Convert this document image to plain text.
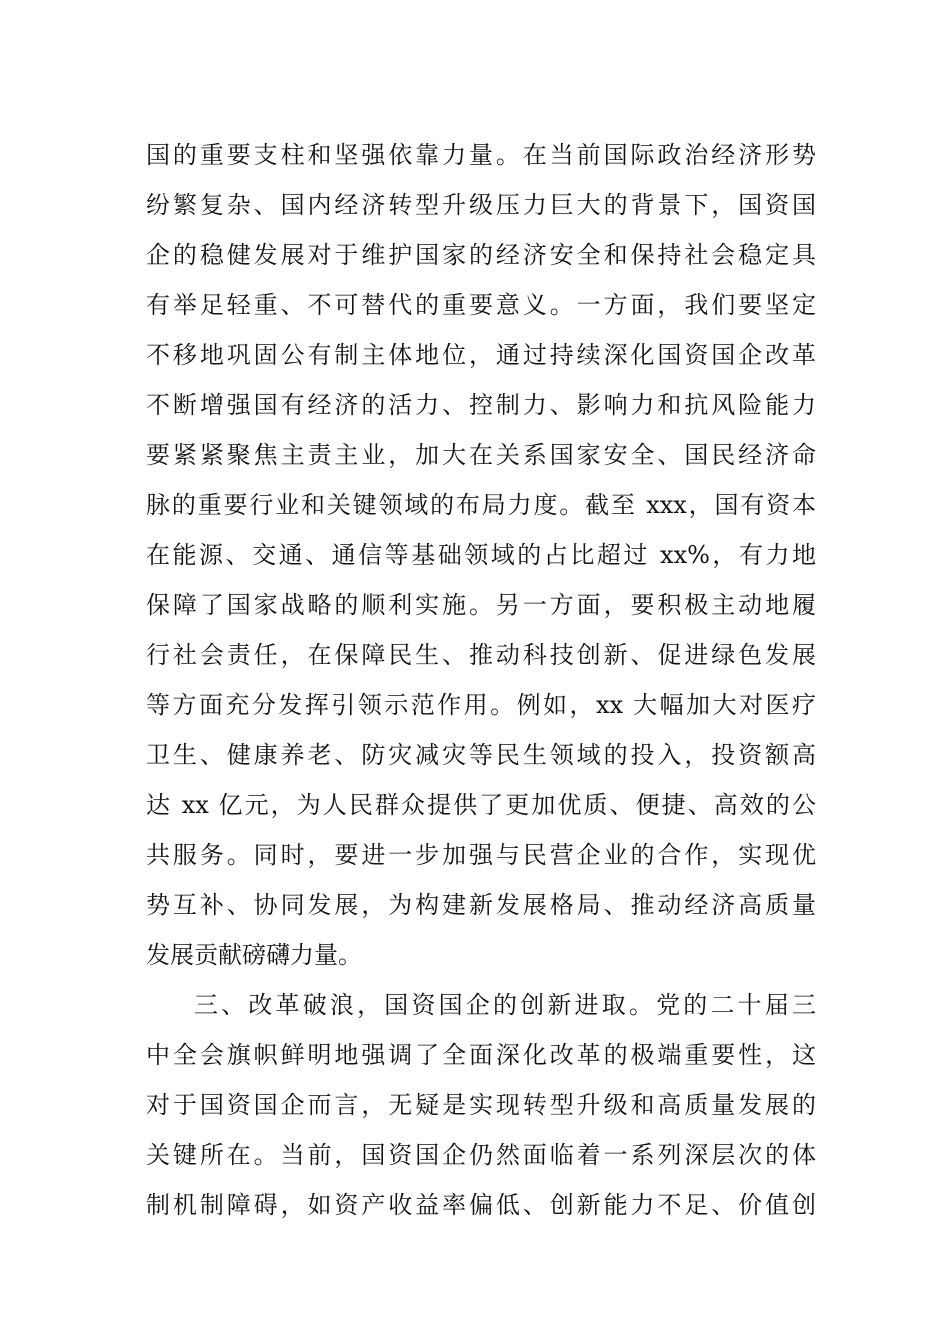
国的重要支柱和坚强依靠力量。在当前国际政治经济形势
纷繁复杂、国内经济转型升级压力巨大的背景下，国资国
企的稳健发展对于维护国家的经济安全和保持社会稳定具
有举足轻重、不可替代的重要意义。一方面，我们要坚定
不移地巩固公有制主体地位，通过持续深化国资国企改革
不断增强国有经济的活力、控制力、影响力和抗风险能力
要紧紧聚焦主责主业，加大在关系国家安全、国民经济命
脉的重要行业和关键领域的布局力度。截至 xxx，国有资本
在能源、交通、通信等基础领域的占比超过 xx%，有力地
保障了国家战略的顺利实施。另一方面，要积极主动地履
行社会责任，在保障民生、推动科技创新、促进绿色发展
等方面充分发挥引领示范作用。例如，xx 大幅加大对医疗
卫生、健康养老、防灾减灾等民生领域的投入，投资额高
达 xx 亿元，为人民群众提供了更加优质、便捷、高效的公
共服务。同时，要进一步加强与民营企业的合作，实现优
势互补、协同发展，为构建新发展格局、推动经济高质量
发展贡献磅礴力量。
三、改革破浪，国资国企的创新进取。党的二十届三
中全会旗帜鲜明地强调了全面深化改革的极端重要性，这
对于国资国企而言，无疑是实现转型升级和高质量发展的
关键所在。当前，国资国企仍然面临着一系列深层次的体
制机制障碍，如资产收益率偏低、创新能力不足、价值创
